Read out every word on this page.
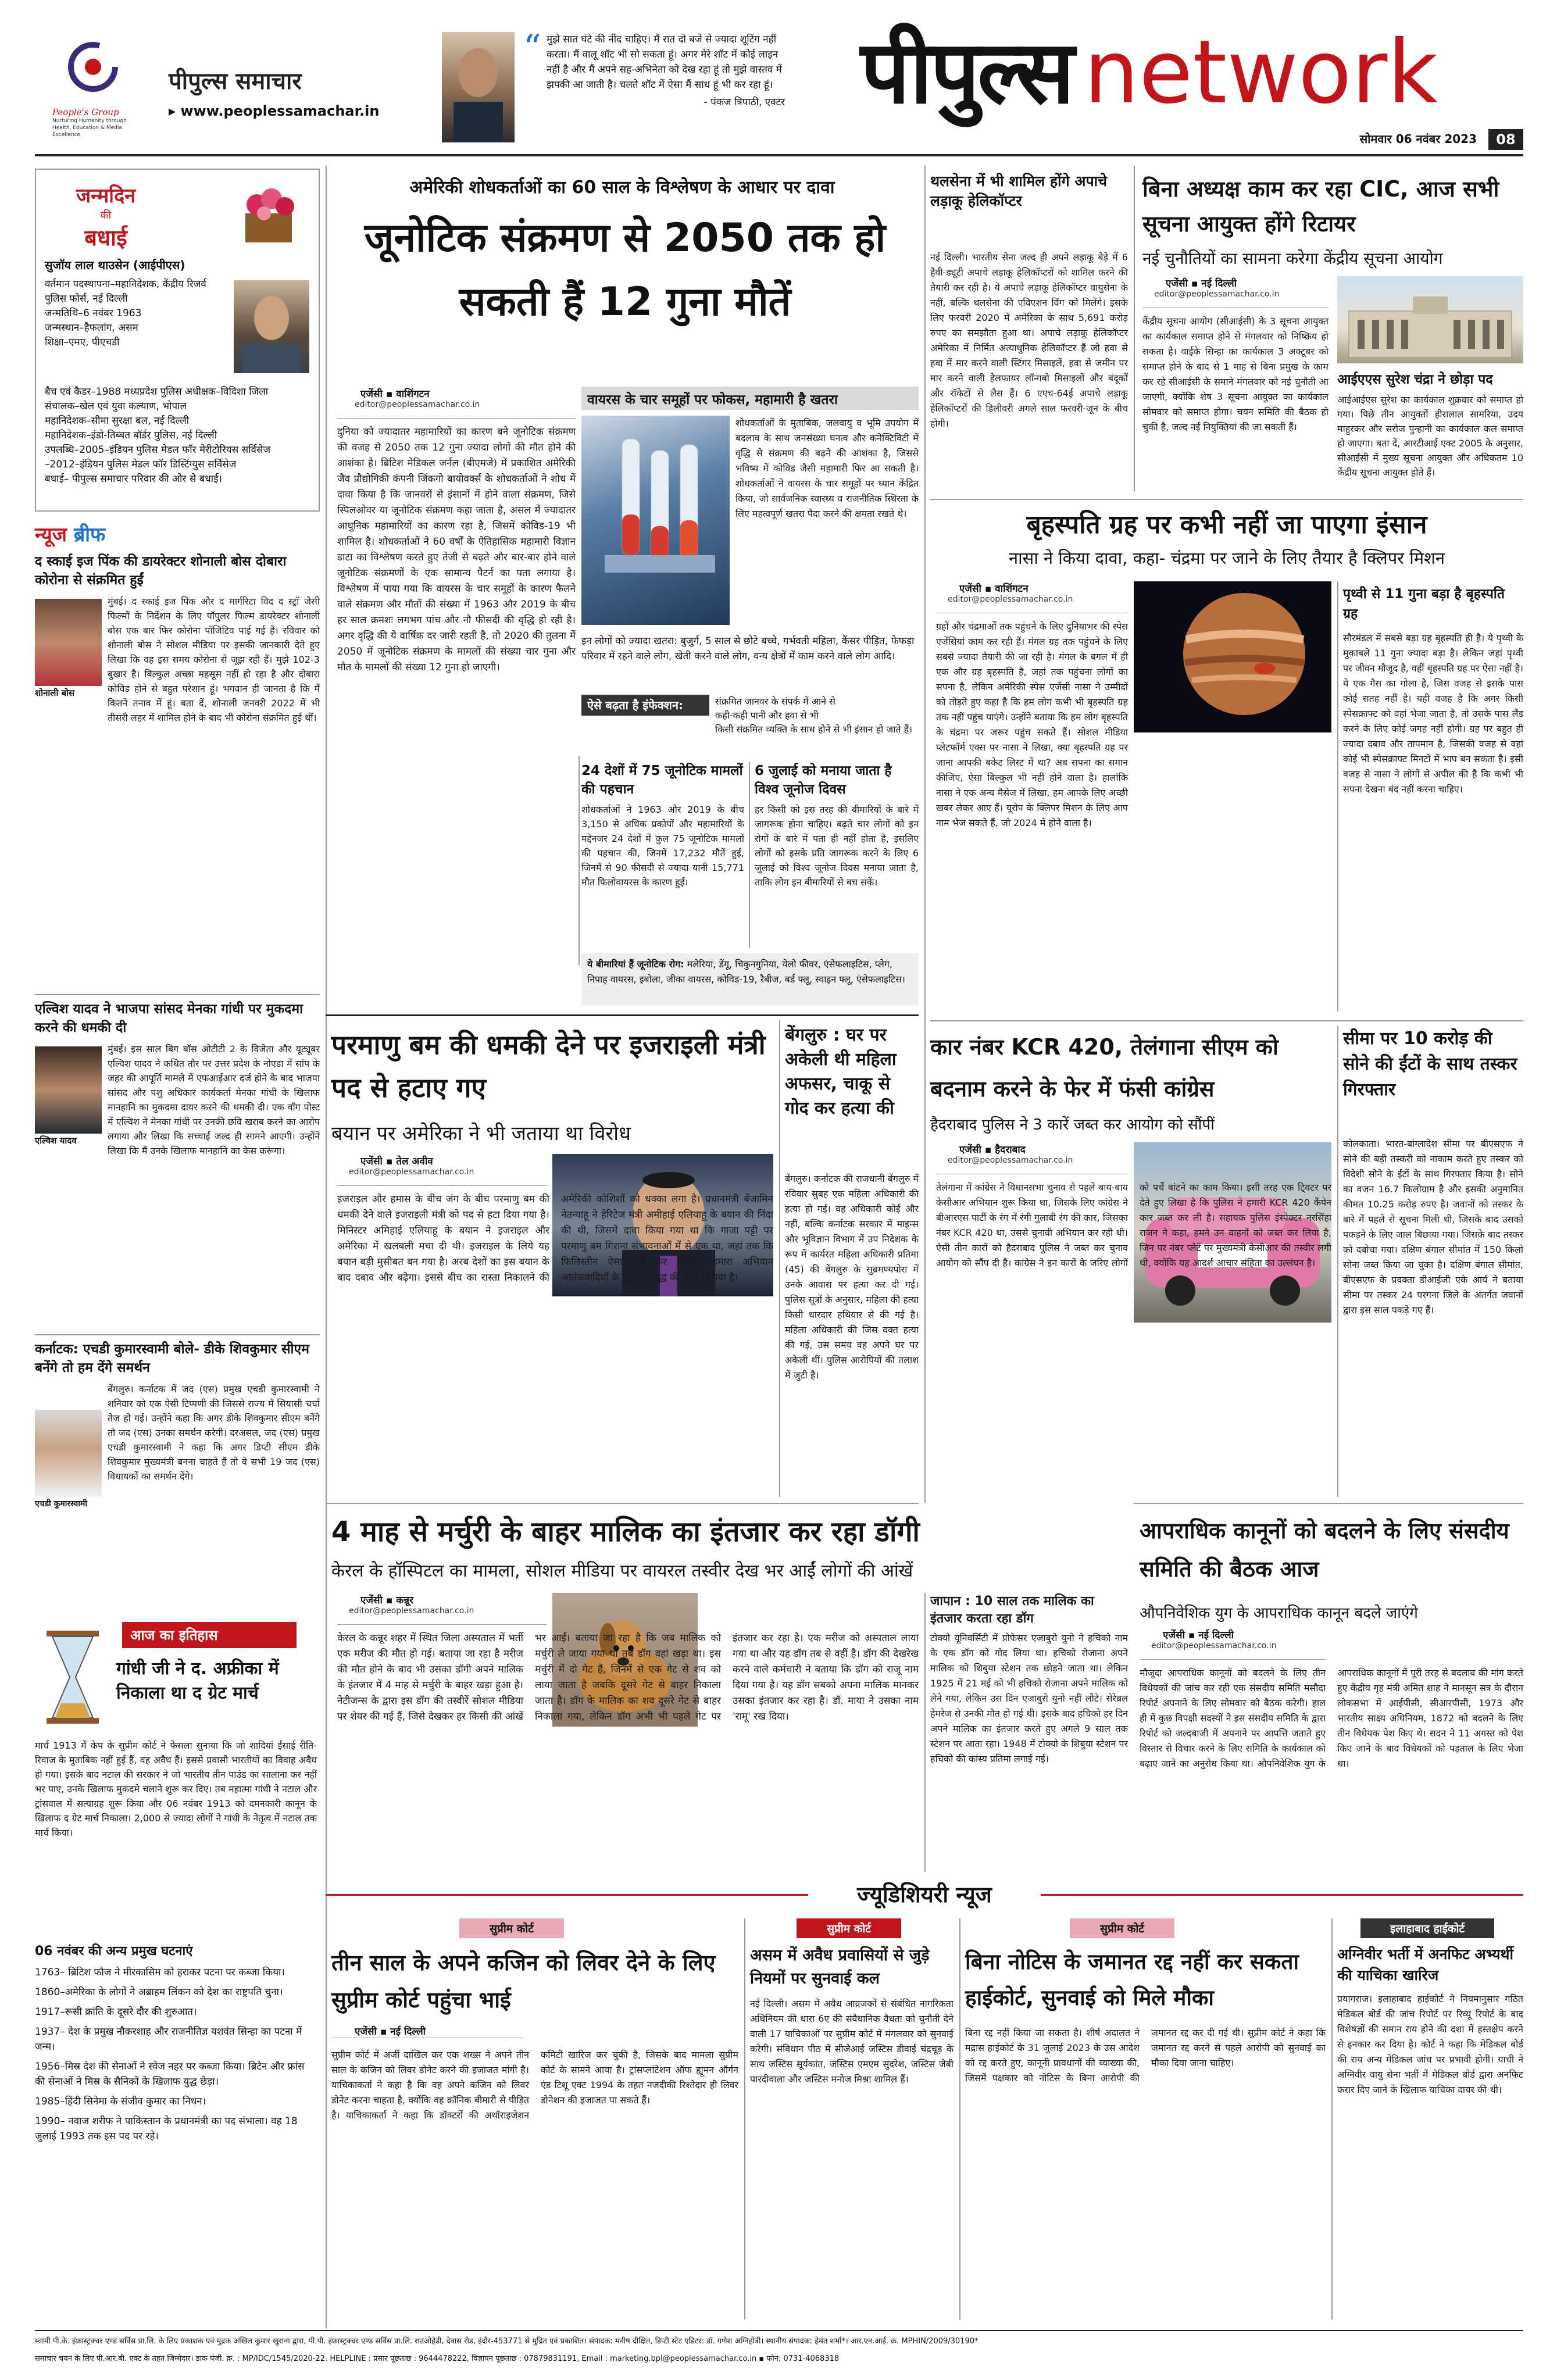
People's Group
Nurturing Humanity through Health, Education & Media Excellence
पीपुल्स समाचार
▸ www.peoplessamachar.in
“ मुझे सात घंटे की नींद चाहिए। मैं रात दो बजे से ज्यादा शूटिंग नहीं करता। मैं वालू शॉट भी सो सकता हूं। अगर मेरे शॉट में कोई लाइन नहीं है और मैं अपने सह-अभिनेता को देख रहा हूं तो मुझे वास्तव में झपकी आ जाती है। चलते शॉट में ऐसा मैं साध हूं भी कर रहा हूं।
- पंकज त्रिपाठी, एक्टर पीपुल्स network
सोमवार 06 नवंबर 2023	08
जन्मदिन
की
बधाई
सुजॉय लाल थाउसेन (आईपीएस)
वर्तमान पदस्थापना–महानिदेशक, केंद्रीय रिजर्व पुलिस फोर्स, नई दिल्ली
जन्मतिथि–6 नवंबर 1963
जन्मस्थान–हैफलांग, असम
शिक्षा–एमए, पीएचडी
बैच एवं कैडर–1988 मध्यप्रदेश पुलिस अधीक्षक–विदिशा जिला
संचालक–खेल एवं युवा कल्याण, भोपाल
महानिदेशक–सीमा सुरक्षा बल, नई दिल्ली
महानिदेशक–इंडो-तिब्बत बॉर्डर पुलिस, नई दिल्ली
उपलब्धि–2005–इंडियन पुलिस मेडल फॉर मेरीटोरियस सर्विसेज
–2012–इंडियन पुलिस मेडल फॉर डिस्टिंग्युस सर्विसेज
बधाई– पीपुल्स समाचार परिवार की ओर से बधाई।
न्यूज ब्रीफ
द स्काई इज पिंक की डायरेक्टर शोनाली बोस दोबारा कोरोना से संक्रमित हुईं
शोनाली बोस
मुंबई। द स्काई इज पिंक और द मार्गरिटा विद द स्ट्रॉ जैसी फिल्मों के निर्देशन के लिए पॉपुलर फिल्म डायरेक्टर शोनाली बोस एक बार फिर कोरोना पॉजिटिव पाई गई हैं। रविवार को शोनाली बोस ने सोशल मीडिया पर इसकी जानकारी देते हुए लिखा कि वह इस समय कोरोना से जूझ रही हैं। मुझे 102-3 बुखार है। बिल्कुल अच्छा महसूस नहीं हो रहा है और दोबारा कोविड होने से बहुत परेशान हूं। भगवान ही जानता है कि मैं कितने तनाव में हूं। बता दें, शोनाली जनवरी 2022 में भी तीसरी लहर में शामिल होने के बाद भी कोरोना संक्रमित हुई थीं।
एल्विश यादव ने भाजपा सांसद मेनका गांधी पर मुकदमा करने की धमकी दी
एल्विश यादव
मुंबई। इस साल बिग बॉस ओटीटी 2 के विजेता और यूट्यूबर एल्विश यादव ने कथित तौर पर उत्तर प्रदेश के नोएडा में सांप के जहर की आपूर्ति मामले में एफआईआर दर्ज होने के बाद भाजपा सांसद और पशु अधिकार कार्यकर्ता मेनका गांधी के खिलाफ मानहानि का मुकदमा दायर करने की धमकी दी। एक वॉग पोस्ट में एल्विश ने मेनका गांधी पर उनकी छवि खराब करने का आरोप लगाया और लिखा कि सच्चाई जल्द ही सामने आएगी। उन्होंने लिखा कि मैं उनके खिलाफ मानहानि का केस करूंगा।
कर्नाटक: एचडी कुमारस्वामी बोले- डीके शिवकुमार सीएम बनेंगे तो हम देंगे समर्थन
एचडी कुमारस्वामी
बेंगलुरु। कर्नाटक में जद (एस) प्रमुख एचडी कुमारस्वामी ने शनिवार को एक ऐसी टिप्पणी की जिससे राज्य में सियासी चर्चा तेज हो गई। उन्होंने कहा कि अगर डीके शिवकुमार सीएम बनेंगे तो जद (एस) उनका समर्थन करेगी। दरअसल, जद (एस) प्रमुख एचडी कुमारस्वामी ने कहा कि अगर डिप्टी सीएम डीके शिवकुमार मुख्यमंत्री बनना चाहते हैं तो वे सभी 19 जद (एस) विधायकों का समर्थन देंगे।
आज का इतिहास
गांधी जी ने द. अफ्रीका में निकाला था द ग्रेट मार्च
मार्च 1913 में केप के सुप्रीम कोर्ट ने फैसला सुनाया कि जो शादियां ईसाई रीति-रिवाज के मुताबिक नहीं हुई हैं, वह अवैध हैं। इससे प्रवासी भारतीयों का विवाह अवैध हो गया। इसके बाद नटाल की सरकार ने जो भारतीय तीन पाउंड का सालाना कर नहीं भर पाए, उनके खिलाफ मुकदमे चलाने शुरू कर दिए। तब महात्मा गांधी ने नटाल और ट्रांसवाल में सत्याग्रह शुरू किया और 06 नवंबर 1913 को दमनकारी कानून के खिलाफ द ग्रेट मार्च निकाला। 2,000 से ज्यादा लोगों ने गांधी के नेतृत्व में नटाल तक मार्च किया।
06 नवंबर की अन्य प्रमुख घटनाएं
1763– ब्रिटिश फौज ने मीरकासिम को हराकर पटना पर कब्जा किया।
1860–अमेरिका के लोगों ने अब्राहम लिंकन को देश का राष्ट्रपति चुना।
1917–रूसी क्रांति के दूसरे दौर की शुरुआत।
1937– देश के प्रमुख नौकरशाह और राजनीतिज्ञ यशवंत सिन्हा का पटना में जन्म।
1956–मिस्र देश की सेनाओं ने स्वेज नहर पर कब्जा किया। ब्रिटेन और फ्रांस की सेनाओं ने मिस्र के सैनिकों के खिलाफ युद्ध छेड़ा।
1985–हिंदी सिनेमा के संजीव कुमार का निधन।
1990– नवाज शरीफ ने पाकिस्तान के प्रधानमंत्री का पद संभाला। वह 18 जुलाई 1993 तक इस पद पर रहे।
अमेरिकी शोधकर्ताओं का 60 साल के विश्लेषण के आधार पर दावा
जूनोटिक संक्रमण से 2050 तक हो सकती हैं 12 गुना मौतें
एजेंसी ▪ वाशिंगटन
editor@peoplessamachar.co.in
दुनिया को ज्यादातर महामारियों का कारण बने जूनोटिक संक्रमण की वजह से 2050 तक 12 गुना ज्यादा लोगों की मौत होने की आशंका है। ब्रिटिश मेडिकल जर्नल (बीएमजे) में प्रकाशित अमेरिकी जैव प्रौद्योगिकी कंपनी जिंकगो बायोवर्क्स के शोधकर्ताओं ने शोध में दावा किया है कि जानवरों से इंसानों में होने वाला संक्रमण, जिसे स्पिलओवर या जूनोटिक संक्रमण कहा जाता है, असल में ज्यादातर आधुनिक महामारियों का कारण रहा है, जिसमें कोविड-19 भी शामिल है। शोधकर्ताओं ने 60 वर्षों के ऐतिहासिक महामारी विज्ञान डाटा का विश्लेषण करते हुए तेजी से बढ़ते और बार-बार होने वाले जूनोटिक संक्रमणों के एक सामान्य पैटर्न का पता लगाया है। विश्लेषण में पाया गया कि वायरस के चार समूहों के कारण फैलने वाले संक्रमण और मौतों की संख्या में 1963 और 2019 के बीच हर साल क्रमशः लगभग पांच और नौ फीसदी की वृद्धि हो रही है। अगर वृद्धि की ये वार्षिक दर जारी रहती है, तो 2020 की तुलना में 2050 में जूनोटिक संक्रमण के मामलों की संख्या चार गुना और मौत के मामलों की संख्या 12 गुना हो जाएगी।
वायरस के चार समूहों पर फोकस, महामारी है खतरा
शोधकर्ताओं के मुताबिक, जलवायु व भूमि उपयोग में बदलाव के साथ जनसंख्या घनत्व और कनेक्टिविटी में वृद्धि से संक्रमण की बढ़ने की आशंका है, जिससे भविष्य में कोविड जैसी महामारी फिर आ सकती है। शोधकर्ताओं ने वायरस के चार समूहों पर ध्यान केंद्रित किया, जो सार्वजनिक स्वास्थ्य व राजनीतिक स्थिरता के लिए महत्वपूर्ण खतरा पैदा करने की क्षमता रखते थे।
इन लोगों को ज्यादा खतरा: बुजुर्ग, 5 साल से छोटे बच्चे, गर्भवती महिला, कैंसर पीड़ित, फेफड़ा परिवार में रहने वाले लोग, खेती करने वाले लोग, वन्य क्षेत्रों में काम करने वाले लोग आदि।
ऐसे बढ़ता है इंफेक्शन:	संक्रमित जानवर के संपर्क में आने से
कही-कही पानी और हवा से भी
किसी संक्रमित व्यक्ति के साथ होने से भी इंसान हो जाते हैं।
24 देशों में 75 जूनोटिक मामलों की पहचान
शोधकर्ताओं ने 1963 और 2019 के बीच 3,150 से अधिक प्रकोपों और महामारियों के मद्देनजर 24 देशों में कुल 75 जूनोटिक मामलों की पहचान की, जिनमें 17,232 मौतें हुई, जिनमें से 90 फीसदी से ज्यादा यानी 15,771 मौत फिलोवायरस के कारण हुईं।
6 जुलाई को मनाया जाता है विश्व जूनोज दिवस
हर किसी को इस तरह की बीमारियों के बारे में जागरूक होना चाहिए। बढ़ते चार लोगों को इन रोगों के बारे में पता ही नहीं होता है, इसलिए लोगों को इसके प्रति जागरूक करने के लिए 6 जुलाई को विश्व जूनोज दिवस मनाया जाता है, ताकि लोग इन बीमारियों से बच सकें।
ये बीमारियां हैं जूनोटिक रोग: मलेरिया, डेंगू, चिकुनगुनिया, येलो फीवर, एंसेफलाइटिस, प्लेग, निपाह वायरस, इबोला, जीका वायरस, कोविड-19, रैबीज, बर्ड फ्लू, स्वाइन फ्लू, एंसेफलाइटिस।
परमाणु बम की धमकी देने पर इजराइली मंत्री पद से हटाए गए
बयान पर अमेरिका ने भी जताया था विरोध
एजेंसी ▪ तेल अवीव
editor@peoplessamachar.co.in
इजराइल और हमास के बीच जंग के बीच परमाणु बम की धमकी देने वाले इजराइली मंत्री को पद से हटा दिया गया है। मिनिस्टर अमिहाई एलियाहू के बयान ने इजराइल और अमेरिका में खलबली मचा दी थी। इजराइल के लिये यह बयान बड़ी मुसीबत बन गया है। अरब देशों का इस बयान के बाद दबाव और बढ़ेगा। इससे बीच का रास्ता निकालने की अमेरिकी कोशिशों को धक्का लगा है। प्रधानमंत्री बेंजामिन नेतन्याहू ने हेरिटेज मंत्री अमीहाई एलियाहू के बयान की निंदा की थी, जिसमें दावा किया गया था कि गाजा पट्टी पर परमाणु बम गिराना संभावनाओं में से एक था, जहां तक कि फिलिस्तीन ऐसा नहीं कर सकता। हमारा अभियान आतंकवादियों के खिलाफ युद्ध की तरह हो गया है।
बेंगलुरु : घर पर अकेली थी महिला अफसर, चाकू से गोद कर हत्या की
बेंगलुरु। कर्नाटक की राजधानी बेंगलुरु में रविवार सुबह एक महिला अधिकारी की हत्या हो गई। वह अधिकारी कोई और नहीं, बल्कि कर्नाटक सरकार में माइन्स और भूविज्ञान विभाग में उप निदेशक के रूप में कार्यरत महिला अधिकारी प्रतिमा (45) की बेंगलुरु के सुब्रमण्यपोरा में उनके आवास पर हत्या कर दी गई। पुलिस सूत्रों के अनुसार, महिला की हत्या किसी धारदार हथियार से की गई है। महिला अधिकारी की जिस वक्त हत्या की गई, उस समय वह अपने घर पर अकेली थीं। पुलिस आरोपियों की तलाश में जुटी है।
4 माह से मर्चुरी के बाहर मालिक का इंतजार कर रहा डॉगी
केरल के हॉस्पिटल का मामला, सोशल मीडिया पर वायरल तस्वीर देख भर आईं लोगों की आंखें
एजेंसी ▪ कन्नूर
editor@peoplessamachar.co.in
केरल के कन्नूर शहर में स्थित जिला अस्पताल में भर्ती एक मरीज की मौत हो गई। बताया जा रहा है मरीज की मौत होने के बाद भी उसका डॉगी अपने मालिक के इंतजार में 4 माह से मर्चुरी के बाहर खड़ा हुआ है। नेटीजन्स के द्वारा इस डॉग की तस्वीरें सोशल मीडिया पर शेयर की गई हैं, जिसे देखकर हर किसी की आंखें भर आईं। बताया जा रहा है कि जब मालिक को मर्चुरी ले जाया गया था तब डॉग वहां खड़ा था। इस मर्चुरी में दो गेट हैं, जिनमें से एक गेट से शव को लाया जाता है जबकि दूसरे गेट से बाहर निकाला जाता है। डॉग के मालिक का शव दूसरे गेट से बाहर निकाला गया, लेकिन डॉग अभी भी पहले गेट पर इंतजार कर रहा है। एक मरीज को अस्पताल लाया गया था और यह डॉग तब से वहीं है। डॉग की देखरेख करने वाले कर्मचारी ने बताया कि डॉग को राजू नाम दिया गया है। यह डॉग सबको अपना मालिक मानकर उसका इंतजार कर रहा है। डॉ. माया ने उसका नाम 'रामू' रख दिया।
जापान : 10 साल तक मालिक का इंतजार करता रहा डॉग
टोक्यो यूनिवर्सिटी में प्रोफेसर एजाबुरो युनो ने हचिको नाम के एक डॉग को गोद लिया था। हचिको रोजाना अपने मालिक को शिबुया स्टेशन तक छोड़ने जाता था। लेकिन 1925 में 21 मई को भी हचिको रोजाना अपने मालिक को लेने गया, लेकिन उस दिन एजाबुरो युनो नहीं लौटे। सेरेब्रल हेमरेज से उनकी मौत हो गई थी। इसके बाद हचिको हर दिन अपने मालिक का इंतजार करते हुए अगले 9 साल तक स्टेशन पर आता रहा। 1948 में टोक्यो के शिबुया स्टेशन पर हचिको की कांस्य प्रतिमा लगाई गई।
थलसेना में भी शामिल होंगे अपाचे लड़ाकू हेलिकॉप्टर
नई दिल्ली। भारतीय सेना जल्द ही अपने लड़ाकू बेड़े में 6 हैवी-ड्यूटी अपाचे लड़ाकू हेलिकॉप्टरों को शामिल करने की तैयारी कर रही है। ये अपाचे लड़ाकू हेलिकॉप्टर वायुसेना के नहीं, बल्कि थलसेना की एविएशन विंग को मिलेंगे। इसके लिए फरवरी 2020 में अमेरिका के साथ 5,691 करोड़ रुपए का समझौता हुआ था। अपाचे लड़ाकू हेलिकॉप्टर अमेरिका में निर्मित अत्याधुनिक हेलिकॉप्टर हैं जो हवा से हवा में मार करने वाली स्टिंगर मिसाइलें, हवा से जमीन पर मार करने वाली हेलफायर लॉन्गबो मिसाइलों और बंदूकों और रॉकेटों से लैस हैं। 6 एएच-64ई अपाचे लड़ाकू हेलिकॉप्टरों की डिलीवरी अगले साल फरवरी-जून के बीच होगी।
बिना अध्यक्ष काम कर रहा CIC, आज सभी सूचना आयुक्त होंगे रिटायर
नई चुनौतियों का सामना करेगा केंद्रीय सूचना आयोग
एजेंसी ▪ नई दिल्ली
editor@peoplessamachar.co.in
केंद्रीय सूचना आयोग (सीआईसी) के 3 सूचना आयुक्त का कार्यकाल समाप्त होने से मंगलवार को निष्क्रिय हो सकता है। वाईके सिन्हा का कार्यकाल 3 अक्टूबर को समाप्त होने के बाद से 1 माह से बिना प्रमुख के काम कर रहे सीआईसी के समाने मंगलवार को नई चुनौती आ जाएगी, क्योंकि शेष 3 सूचना आयुक्त का कार्यकाल सोमवार को समाप्त होगा। चयन समिति की बैठक हो चुकी है, जल्द नई नियुक्तियां की जा सकती हैं।
आईएएस सुरेश चंद्रा ने छोड़ा पद
आईआईएस सुरेश का कार्यकाल शुक्रवार को समाप्त हो गया। पिछे तीन आयुक्तों हीरालाल सामरिया, उदय माहुरकर और सरोज पुन्हानी का कार्यकाल कल समाप्त हो जाएगा। बता दें, आरटीआई एक्ट 2005 के अनुसार, सीआईसी में मुख्य सूचना आयुक्त और अधिकतम 10 केंद्रीय सूचना आयुक्त होते हैं।
बृहस्पति ग्रह पर कभी नहीं जा पाएगा इंसान
नासा ने किया दावा, कहा- चंद्रमा पर जाने के लिए तैयार है क्लिपर मिशन
एजेंसी ▪ वाशिंगटन
editor@peoplessamachar.co.in
ग्रहों और चंद्रमाओं तक पहुंचने के लिए दुनियाभर की स्पेस एजेंसियां काम कर रही हैं। मंगल ग्रह तक पहुंचने के लिए सबसे ज्यादा तैयारी की जा रही है। मंगल के बगल में ही एक और ग्रह बृहस्पति है, जहां तक पहुंचना लोगों का सपना है, लेकिन अमेरिकी स्पेस एजेंसी नासा ने उम्मीदों को तोड़ते हुए कहा है कि हम लोग कभी भी बृहस्पति ग्रह तक नहीं पहुंच पाएंगे। उन्होंने बताया कि हम लोग बृहस्पति के चंद्रमा पर जरूर पहुंच सकते हैं। सोशल मीडिया प्लेटफॉर्म एक्स पर नासा ने लिखा, क्या बृहस्पति ग्रह पर जाना आपकी बकेट लिस्ट में था? अब सपना का समान कीजिए, ऐसा बिल्कुल भी नहीं होने वाला है। हालांकि नासा ने एक अन्य मैसेज में लिखा, हम आपके लिए अच्छी खबर लेकर आए हैं। यूरोप के क्लिपर मिशन के लिए आप नाम भेज सकते हैं, जो 2024 में होने वाला है।
पृथ्वी से 11 गुना बड़ा है बृहस्पति ग्रह
सौरमंडल में सबसे बड़ा ग्रह बृहस्पति ही है। ये पृथ्वी के मुकाबले 11 गुना ज्यादा बड़ा है। लेकिन जहां पृथ्वी पर जीवन मौजूद है, वहीं बृहस्पति ग्रह पर ऐसा नहीं है। ये एक गैस का गोला है, जिस वजह से इसके पास कोई सतह नहीं है। यही वजह है कि अगर किसी स्पेसक्राफ्ट को वहां भेजा जाता है, तो उसके पास लैंड करने के लिए कोई जगह नहीं होगी। ग्रह पर बहुत ही ज्यादा दबाव और तापमान है, जिसकी वजह से वहां कोई भी स्पेसक्राफ्ट मिनटों में भाप बन सकता है। इसी वजह से नासा ने लोगों से अपील की है कि कभी भी सपना देखना बंद नहीं करना चाहिए।
कार नंबर KCR 420, तेलंगाना सीएम को बदनाम करने के फेर में फंसी कांग्रेस
हैदराबाद पुलिस ने 3 कारें जब्त कर आयोग को सौंपीं
एजेंसी ▪ हैदराबाद
editor@peoplessamachar.co.in
तेलंगाना में कांग्रेस ने विधानसभा चुनाव से पहले बाय-बाय केसीआर अभियान शुरू किया था, जिसके लिए कांग्रेस ने बीआरएस पार्टी के रंग में रंगी गुलाबी रंग की कार, जिसका नंबर KCR 420 था, उससे चुनावी अभियान कर रही थी। ऐसी तीन कारों को हैदराबाद पुलिस ने जब्त कर चुनाव आयोग को सौंप दी है। कांग्रेस ने इन कारों के जरिए लोगों को पर्चे बांटने का काम किया। इसी तरह एक टि्वटर पर देते हुए लिखा है कि पुलिस ने हमारी KCR 420 कैंपेन कार जब्त कर ली है। सहायक पुलिस इंस्पेक्टर नरसिंहा राजन ने कहा, हमने उन वाहनों को जब्त कर लिया है, जिन पर नंबर प्लेटें पर मुख्यमंत्री केसीआर की तस्वीर लगी थी, क्योंकि यह आदर्श आचार संहिता का उल्लंघन है।
सीमा पर 10 करोड़ की सोने की ईंटों के साथ तस्कर गिरफ्तार
कोलकाता। भारत-बांग्लादेश सीमा पर बीएसएफ ने सोने की बड़ी तस्करी को नाकाम करते हुए तस्कर को विदेशी सोने के ईंटों के साथ गिरफ्तार किया है। सोने का वजन 16.7 किलोग्राम है और इसकी अनुमानित कीमत 10.25 करोड़ रुपए है। जवानों को तस्कर के बारे में पहले से सूचना मिली थी, जिसके बाद उसको पकड़ने के लिए जाल बिछाया गया। जिसके बाद तस्कर को दबोचा गया। दक्षिण बंगाल सीमांत में 150 किलो सोना जब्त किया जा चुका है। दक्षिण बंगाल सीमांत, बीएसएफ के प्रवक्ता डीआईजी एके आर्य ने बताया सीमा पर तस्कर 24 परगना जिले के अंतर्गत जवानों द्वारा इस साल पकड़े गए हैं।
आपराधिक कानूनों को बदलने के लिए संसदीय समिति की बैठक आज
औपनिवेशिक युग के आपराधिक कानून बदले जाएंगे
एजेंसी ▪ नई दिल्ली
editor@peoplessamachar.co.in
मौजूदा आपराधिक कानूनों को बदलने के लिए तीन विधेयकों की जांच कर रही एक संसदीय समिति मसौदा रिपोर्ट अपनाने के लिए सोमवार को बैठक करेगी। हाल ही में कुछ विपक्षी सदस्यों ने इस संसदीय समिति के द्वारा रिपोर्ट को जल्दबाजी में अपनाने पर आपत्ति जताते हुए विस्तार से विचार करने के लिए समिति के कार्यकाल को बढ़ाए जाने का अनुरोध किया था। औपनिवेशिक युग के आपराधिक कानूनों में पूरी तरह से बदलाव की मांग करते हुए केंद्रीय गृह मंत्री अमित शाह ने मानसून सत्र के दौरान लोकसभा में आईपीसी, सीआरपीसी, 1973 और भारतीय साक्ष्य अधिनियम, 1872 को बदलने के लिए तीन विधेयक पेश किए थे। सदन ने 11 अगस्त को पेश किए जाने के बाद विधेयकों को पड़ताल के लिए भेजा था।
ज्यूडिशियरी न्यूज
सुप्रीम कोर्ट
तीन साल के अपने कजिन को लिवर देने के लिए सुप्रीम कोर्ट पहुंचा भाई
एजेंसी ▪ नई दिल्ली
सुप्रीम कोर्ट में अर्जी दाखिल कर एक शख्स ने अपने तीन साल के कजिन को लिवर डोनेट करने की इजाजत मांगी है। याचिकाकर्ता ने कहा है कि वह अपने कजिन को लिवर डोनेट करना चाहता है, क्योंकि वह क्रॉनिक बीमारी से पीड़ित है। याचिकाकर्ता ने कहा कि डॉक्टरों की अथॉराइजेशन कमिटी खारिज कर चुकी है, जिसके बाद मामला सुप्रीम कोर्ट के सामने आया है। ट्रांसप्लांटेशन ऑफ ह्यूमन ऑर्गन एंड टिशू एक्ट 1994 के तहत नजदीकी रिश्तेदार ही लिवर डोनेशन की इजाजत पा सकते हैं।
सुप्रीम कोर्ट
असम में अवैध प्रवासियों से जुड़े नियमों पर सुनवाई कल
नई दिल्ली। असम में अवैध आव्रजकों से संबंधित नागरिकता अधिनियम की धारा 6ए की संवैधानिक वैधता को चुनौती देने वाली 17 याचिकाओं पर सुप्रीम कोर्ट में मंगलवार को सुनवाई करेगी। संविधान पीठ में सीजेआई जस्टिस डीवाई चंद्रचूड़ के साथ जस्टिस सूर्यकांत, जस्टिस एमएम सुंदरेश, जस्टिस जेबी पारदीवाला और जस्टिस मनोज मिश्रा शामिल हैं।
सुप्रीम कोर्ट
बिना नोटिस के जमानत रद्द नहीं कर सकता हाईकोर्ट, सुनवाई को मिले मौका
बिना रद्द नहीं किया जा सकता है। शीर्ष अदालत ने मद्रास हाईकोर्ट के 31 जुलाई 2023 के उस आदेश को रद्द करते हुए, कानूनी प्रावधानों की व्याख्या की, जिसमें पक्षकार को नोटिस के बिना आरोपी की जमानत रद्द कर दी गई थी। सुप्रीम कोर्ट ने कहा कि जमानत रद्द करने से पहले आरोपी को सुनवाई का मौका दिया जाना चाहिए।
इलाहाबाद हाईकोर्ट
अग्निवीर भर्ती में अनफिट अभ्यर्थी की याचिका खारिज
प्रयागराज। इलाहाबाद हाईकोर्ट ने नियमानुसार गठित मेडिकल बोर्ड की जांच रिपोर्ट पर रिव्यू रिपोर्ट के बाद विशेषज्ञों की समान राय होने की दशा में हस्तक्षेप करने से इनकार कर दिया है। कोर्ट ने कहा कि मेडिकल बोर्ड की राय अन्य मेडिकल जांच पर प्रभावी होगी। याची ने अग्निवीर वायु सेना भर्ती में मेडिकल बोर्ड द्वारा अनफिट करार दिए जाने के खिलाफ याचिका दायर की थी।
स्वामी पी.के. इंफ्रास्ट्रक्चर एण्ड सर्विस प्रा.लि. के लिए प्रकाशक एवं मुद्रक अखिल कुमार खुराना द्वारा, पी.पी. इंफ्रास्ट्रक्चर एण्ड सर्विस प्रा.लि. राउओहेडी, देवास रोड, इंदौर-453771 से मुद्रित एवं प्रकाशित। संपादक: मनीष दीक्षित, डिप्टी स्टेट एडिटर: डॉ. गणेश अग्निहोत्री। स्थानीय संपादक: हेमंत शर्मा*। आर.एन.आई. क्र. MPHIN/2009/30190*
समाचार चयन के लिए पी.आर.बी. एक्ट के तहत जिम्मेदार। डाक पंजी. क्र. : MP/IDC/1545/2020-22. HELPLINE : प्रसार पूछताछ : 9644478222, विज्ञापन पूछताछ : 07879831191, Email : marketing.bpl@peoplessamachar.co.in ▪ फोन: 0731-4068318
